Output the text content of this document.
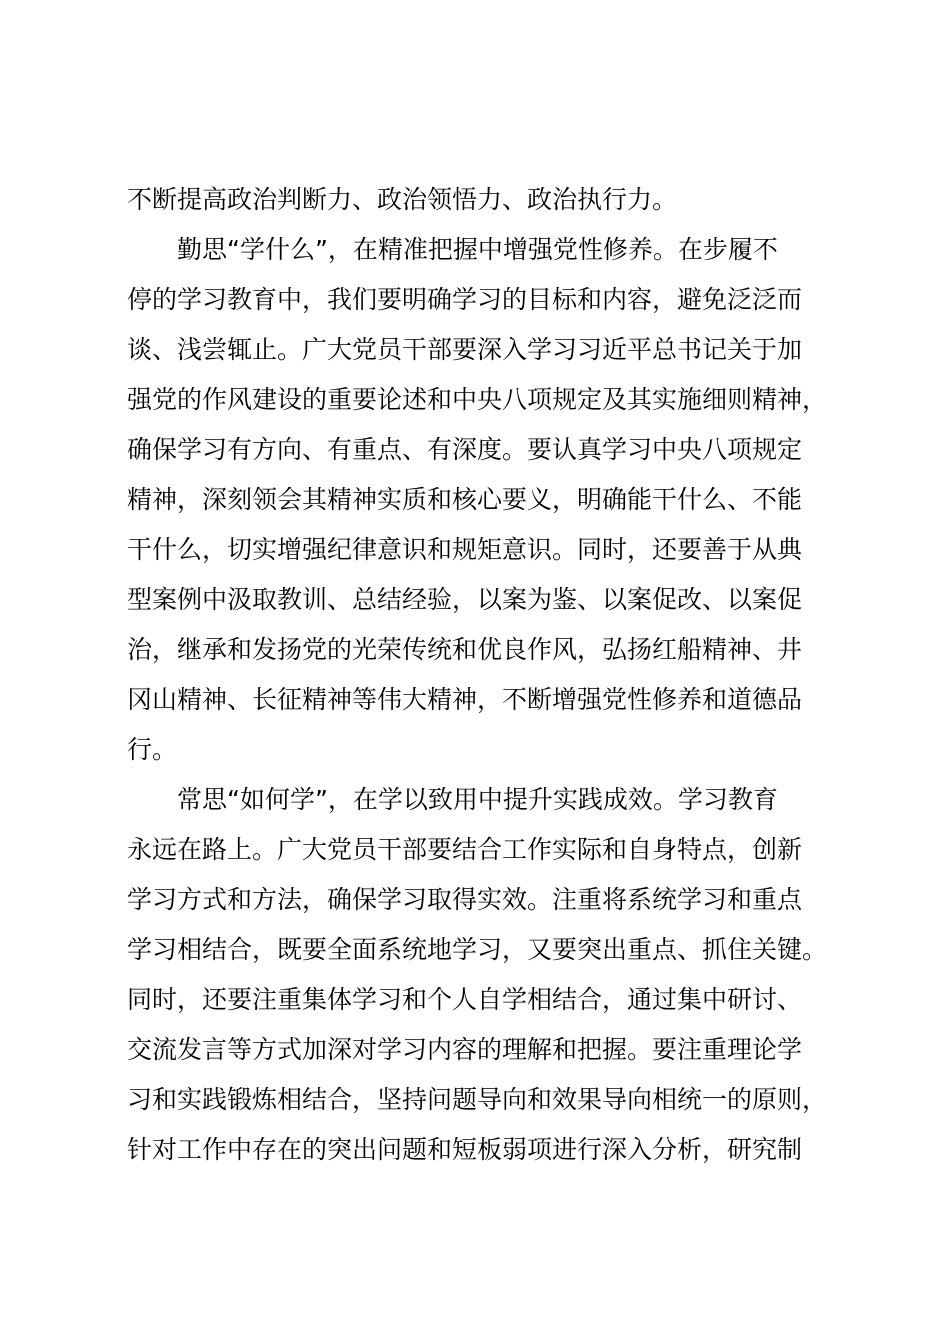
不断提高政治判断力、政治领悟力、政治执行力。
勤思“学什么”，在精准把握中增强党性修养。在步履不
停的学习教育中，我们要明确学习的目标和内容，避免泛泛而
谈、浅尝辄止。广大党员干部要深入学习习近平总书记关于加
强党的作风建设的重要论述和中央八项规定及其实施细则精神，
确保学习有方向、有重点、有深度。要认真学习中央八项规定
精神，深刻领会其精神实质和核心要义，明确能干什么、不能
干什么，切实增强纪律意识和规矩意识。同时，还要善于从典
型案例中汲取教训、总结经验，以案为鉴、以案促改、以案促
治，继承和发扬党的光荣传统和优良作风，弘扬红船精神、井
冈山精神、长征精神等伟大精神，不断增强党性修养和道德品
行。
常思“如何学”，在学以致用中提升实践成效。学习教育
永远在路上。广大党员干部要结合工作实际和自身特点，创新
学习方式和方法，确保学习取得实效。注重将系统学习和重点
学习相结合，既要全面系统地学习，又要突出重点、抓住关键。
同时，还要注重集体学习和个人自学相结合，通过集中研讨、
交流发言等方式加深对学习内容的理解和把握。要注重理论学
习和实践锻炼相结合，坚持问题导向和效果导向相统一的原则，
针对工作中存在的突出问题和短板弱项进行深入分析，研究制
